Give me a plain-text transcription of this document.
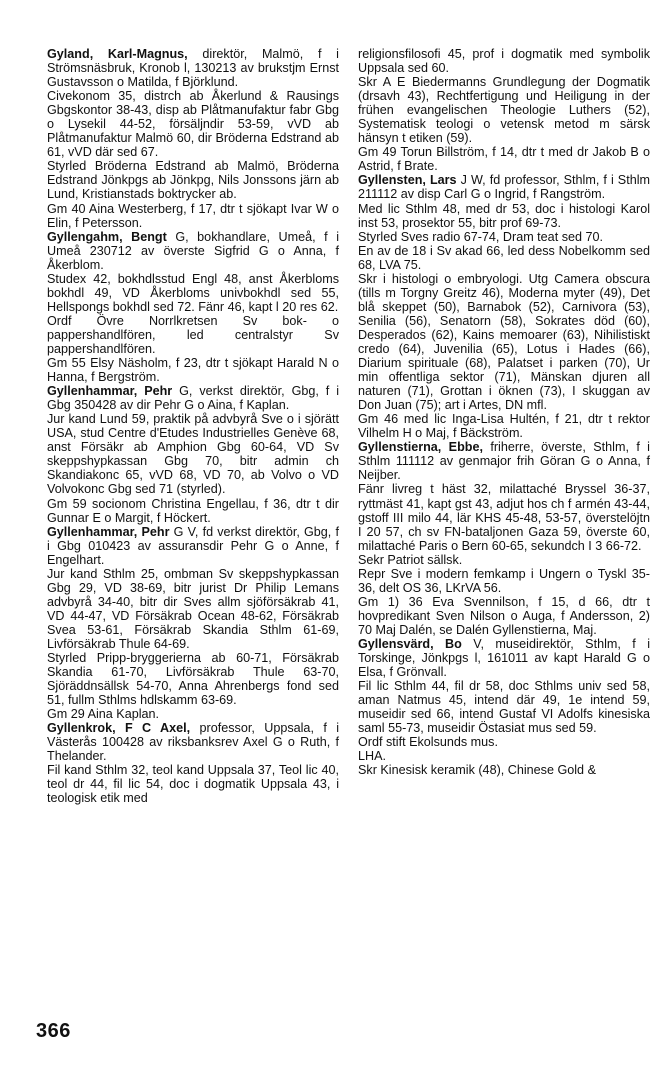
Gyland, Karl-Magnus, direktör, Malmö, f i Strömsnäsbruk, Kronob l, 130213 av brukstjm Ernst Gustavsson o Matilda, f Björklund.

Civekonom 35, distrch ab Åkerlund & Rausings Gbgskontor 38-43, disp ab Plåtmanufaktur fabr Gbg o Lysekil 44-52, försäljndir 53-59, vVD ab Plåtmanufaktur Malmö 60, dir Bröderna Edstrand ab 61, vVD där sed 67.

Styrled Bröderna Edstrand ab Malmö, Bröderna Edstrand Jönkpgs ab Jönkpg, Nils Jonssons järn ab Lund, Kristianstads boktrycker ab.

Gm 40 Aina Westerberg, f 17, dtr t sjökapt Ivar W o Elin, f Petersson.

Gyllengahm, Bengt G, bokhandlare, Umeå, f i Umeå 230712 av överste Sigfrid G o Anna, f Åkerblom.

Studex 42, bokhdlsstud Engl 48, anst Åkerbloms bokhdl 49, VD Åkerbloms univbokhdl sed 55, Hellspongs bokhdl sed 72. Fänr 46, kapt l 20 res 62.

Ordf Övre Norrlkretsen Sv bok- o pappershandlfören, led centralstyr Sv pappershandlfören.

Gm 55 Elsy Näsholm, f 23, dtr t sjökapt Harald N o Hanna, f Bergström.

Gyllenhammar, Pehr G, verkst direktör, Gbg, f i Gbg 350428 av dir Pehr G o Aina, f Kaplan.

Jur kand Lund 59, praktik på advbyrå Sve o i sjörätt USA, stud Centre d'Etudes Industrielles Genève 68, anst Försäkr ab Amphion Gbg 60-64, VD Sv skeppshypkassan Gbg 70, bitr admin ch Skandiakonc 65, vVD 68, VD 70, ab Volvo o VD Volvokonc Gbg sed 71 (styrled).

Gm 59 socionom Christina Engellau, f 36, dtr t dir Gunnar E o Margit, f Höckert.

Gyllenhammar, Pehr G V, fd verkst direktör, Gbg, f i Gbg 010423 av assuransdir Pehr G o Anne, f Engelhart.

Jur kand Sthlm 25, ombman Sv skeppshypkassan Gbg 29, VD 38-69, bitr jurist Dr Philip Lemans advbyrå 34-40, bitr dir Sves allm sjöförsäkrab 41, VD 44-47, VD Försäkrab Ocean 48-62, Försäkrab Svea 53-61, Försäkrab Skandia Sthlm 61-69, Livförsäkrab Thule 64-69.

Styrled Pripp-bryggerierna ab 60-71, Försäkrab Skandia 61-70, Livförsäkrab Thule 63-70, Sjöräddnsällsk 54-70, Anna Ahrenbergs fond sed 51, fullm Sthlms hdlskamm 63-69.

Gm 29 Aina Kaplan.

Gyllenkrok, F C Axel, professor, Uppsala, f i Västerås 100428 av riksbanksrev Axel G o Ruth, f Thelander.

Fil kand Sthlm 32, teol kand Uppsala 37, Teol lic 40, teol dr 44, fil lic 54, doc i dogmatik Uppsala 43, i teologisk etik med

religionsfilosofi 45, prof i dogmatik med symbolik Uppsala sed 60.

Skr A E Biedermanns Grundlegung der Dogmatik (drsavh 43), Rechtfertigung und Heiligung in der frühen evangelischen Theologie Luthers (52), Systematisk teologi o vetensk metod m särsk hänsyn t etiken (59).

Gm 49 Torun Billström, f 14, dtr t med dr Jakob B o Astrid, f Brate.

Gyllensten, Lars J W, fd professor, Sthlm, f i Sthlm 211112 av disp Carl G o Ingrid, f Rangström.

Med lic Sthlm 48, med dr 53, doc i histologi Karol inst 53, prosektor 55, bitr prof 69-73.

Styrled Sves radio 67-74, Dram teat sed 70.

En av de 18 i Sv akad 66, led dess Nobelkomm sed 68, LVA 75.

Skr i histologi o embryologi. Utg Camera obscura (tills m Torgny Greitz 46), Moderna myter (49), Det blå skeppet (50), Barnabok (52), Carnivora (53), Senilia (56), Senatorn (58), Sokrates död (60), Desperados (62), Kains memoarer (63), Nihilistiskt credo (64), Juvenilia (65), Lotus i Hades (66), Diarium spirituale (68), Palatset i parken (70), Ur min offentliga sektor (71), Mänskan djuren all naturen (71), Grottan i öknen (73), I skuggan av Don Juan (75); art i Artes, DN mfl.

Gm 46 med lic Inga-Lisa Hultén, f 21, dtr t rektor Vilhelm H o Maj, f Bäckström.

Gyllenstierna, Ebbe, friherre, överste, Sthlm, f i Sthlm 111112 av genmajor frih Göran G o Anna, f Neijber.

Fänr livreg t häst 32, milattaché Bryssel 36-37, ryttmäst 41, kapt gst 43, adjut hos ch f armén 43-44, gstoff III milo 44, lär KHS 45-48, 53-57, överstelöjtn I 20 57, ch sv FN-bataljonen Gaza 59, överste 60, milattaché Paris o Bern 60-65, sekundch I 3 66-72.

Sekr Patriot sällsk.

Repr Sve i modern femkamp i Ungern o Tyskl 35-36, delt OS 36, LKrVA 56.

Gm 1) 36 Eva Svennilson, f 15, d 66, dtr t hovpredikant Sven Nilson o Auga, f Andersson, 2) 70 Maj Dalén, se Dalén Gyllenstierna, Maj.

Gyllensvärd, Bo V, museidirektör, Sthlm, f i Torskinge, Jönkpgs l, 161011 av kapt Harald G o Elsa, f Grönvall.

Fil lic Sthlm 44, fil dr 58, doc Sthlms univ sed 58, aman Natmus 45, intend där 49, 1e intend 59, museidir sed 66, intend Gustaf VI Adolfs kinesiska saml 55-73, museidir Östasiat mus sed 59.

Ordf stift Ekolsunds mus.

LHA.

Skr Kinesisk keramik (48), Chinese Gold &

366
